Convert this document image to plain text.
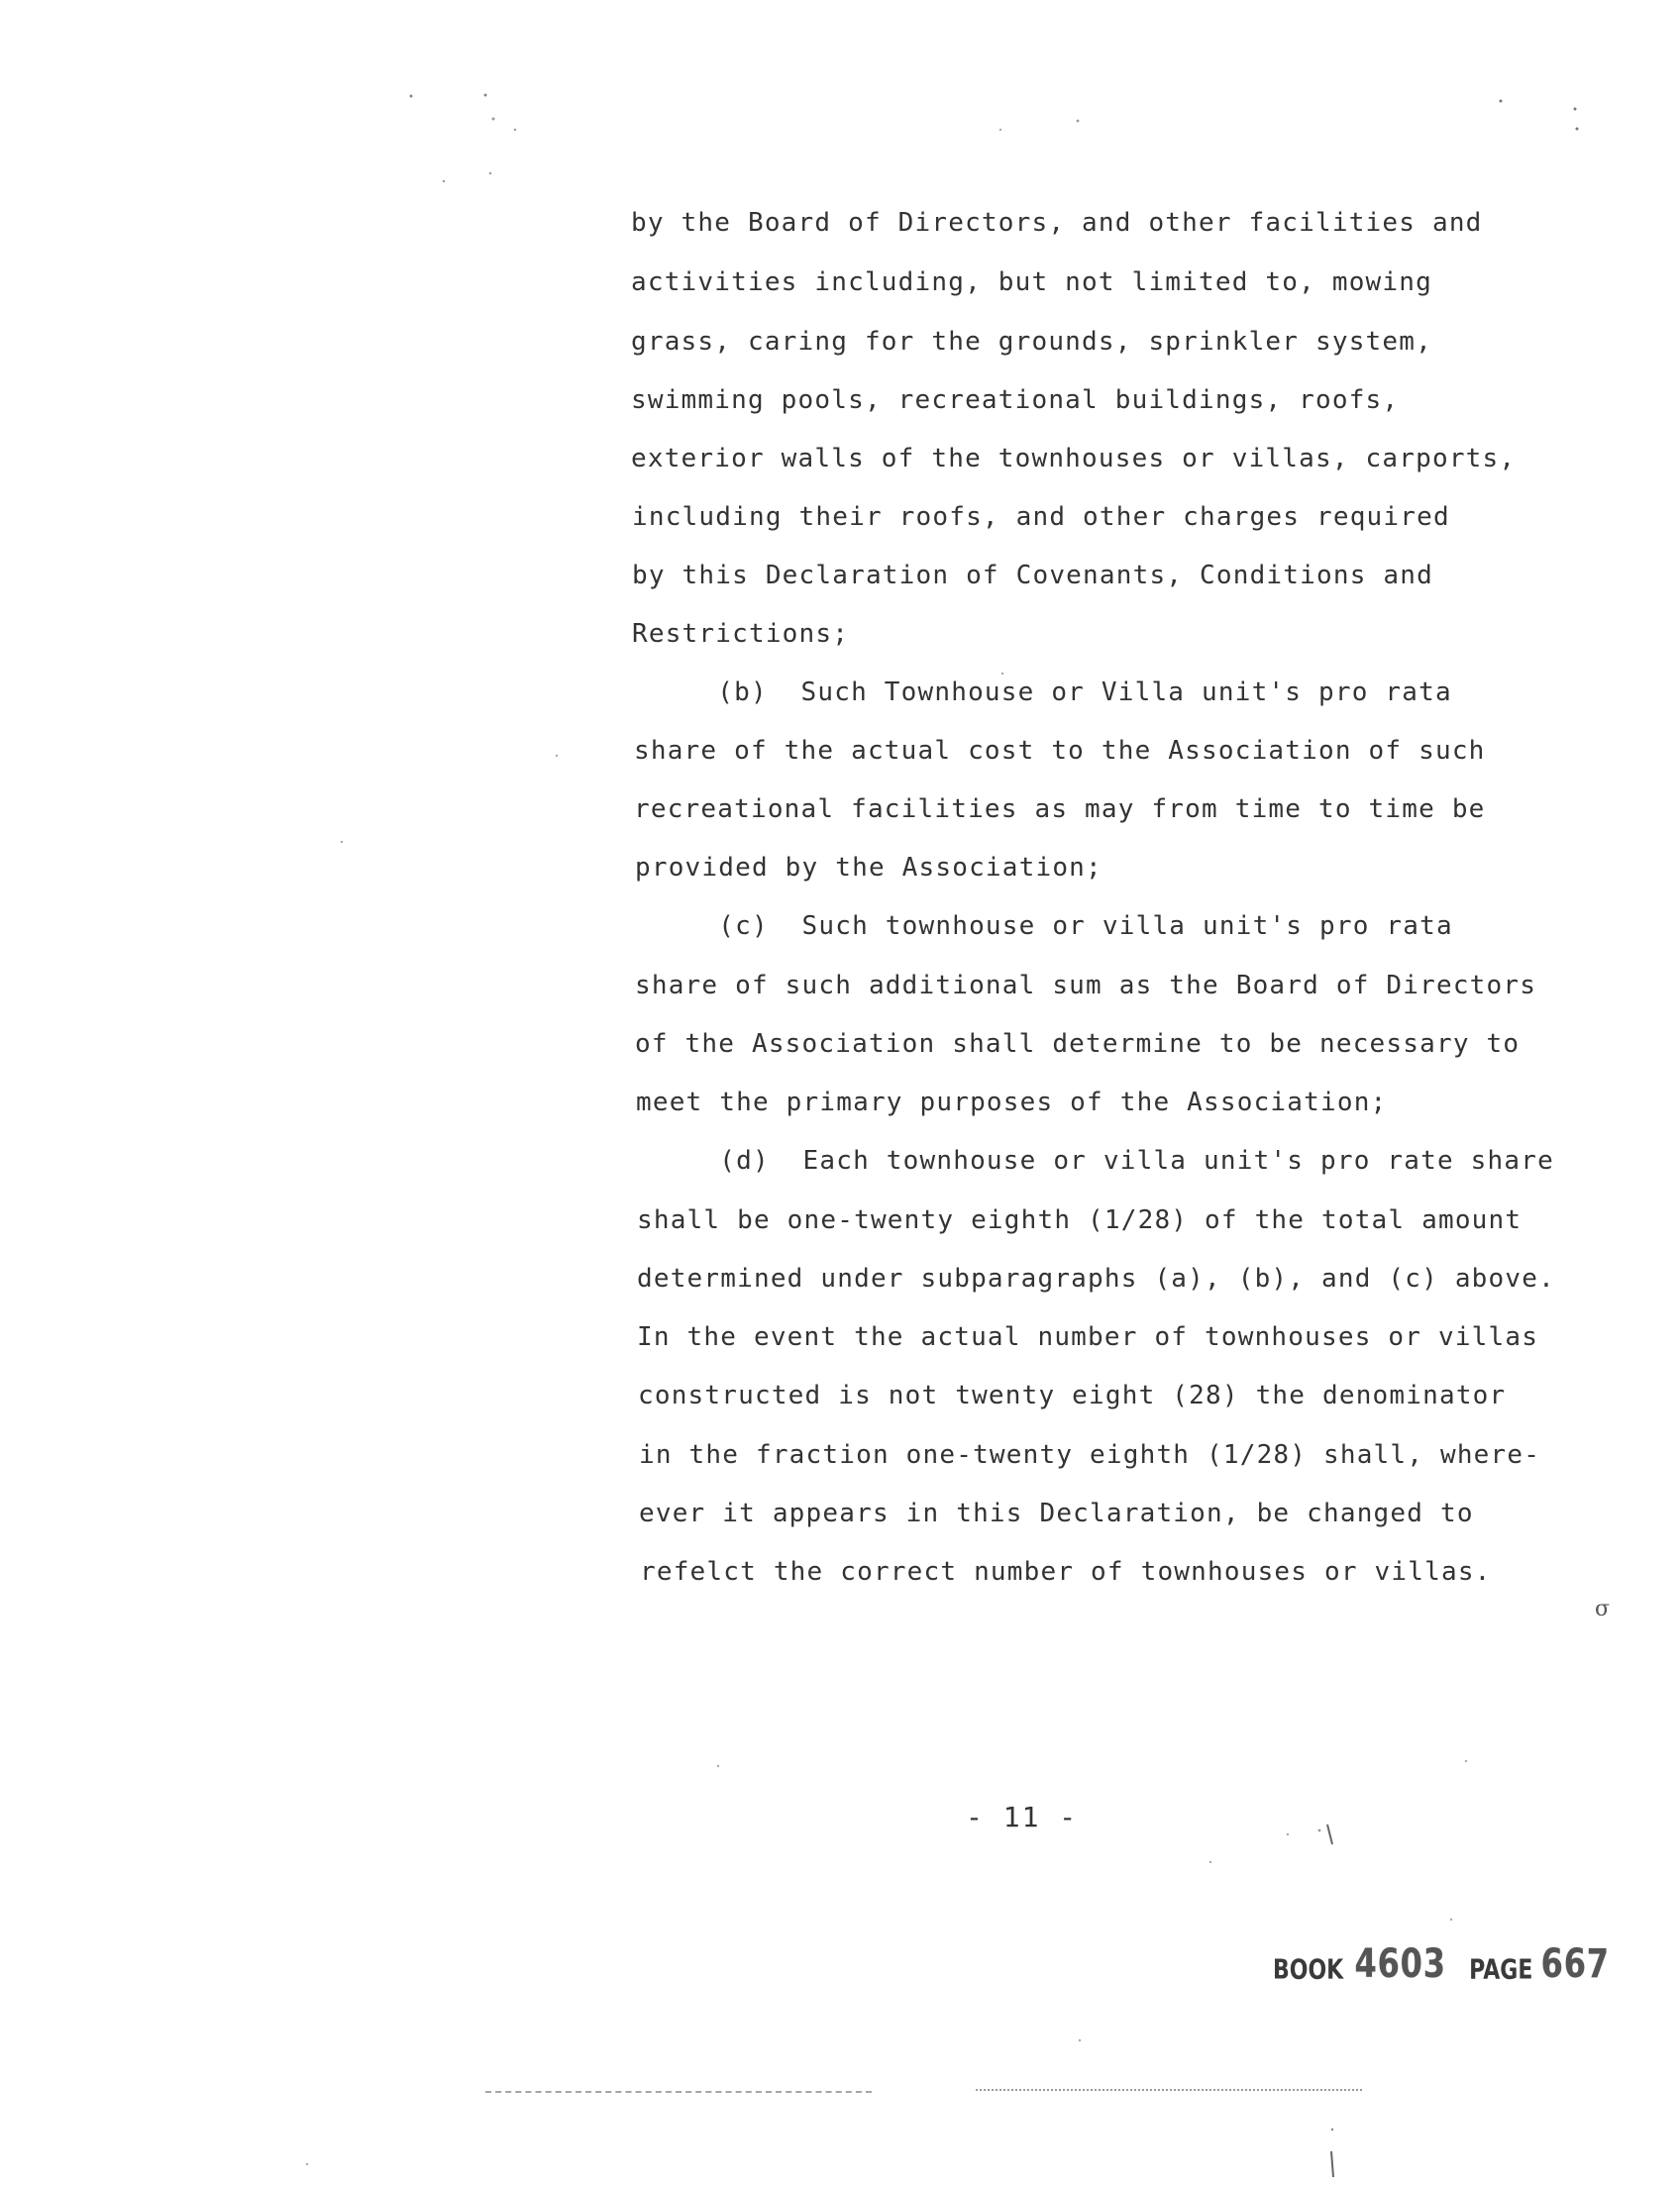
σ
by the Board of Directors, and other facilities and
activities including, but not limited to, mowing
grass, caring for the grounds, sprinkler system,
swimming pools, recreational buildings, roofs,
exterior walls of the townhouses or villas, carports,
including their roofs, and other charges required
by this Declaration of Covenants, Conditions and
Restrictions;
(b)  Such Townhouse or Villa unit's pro rata
share of the actual cost to the Association of such
recreational facilities as may from time to time be
provided by the Association;
(c)  Such townhouse or villa unit's pro rata
share of such additional sum as the Board of Directors
of the Association shall determine to be necessary to
meet the primary purposes of the Association;
(d)  Each townhouse or villa unit's pro rate share
shall be one-twenty eighth (1/28) of the total amount
determined under subparagraphs (a), (b), and (c) above.
In the event the actual number of townhouses or villas
constructed is not twenty eight (28) the denominator
in the fraction one-twenty eighth (1/28) shall, where-
ever it appears in this Declaration, be changed to
refelct the correct number of townhouses or villas.
- 11 -
BOOK 4603 PAGE 667
